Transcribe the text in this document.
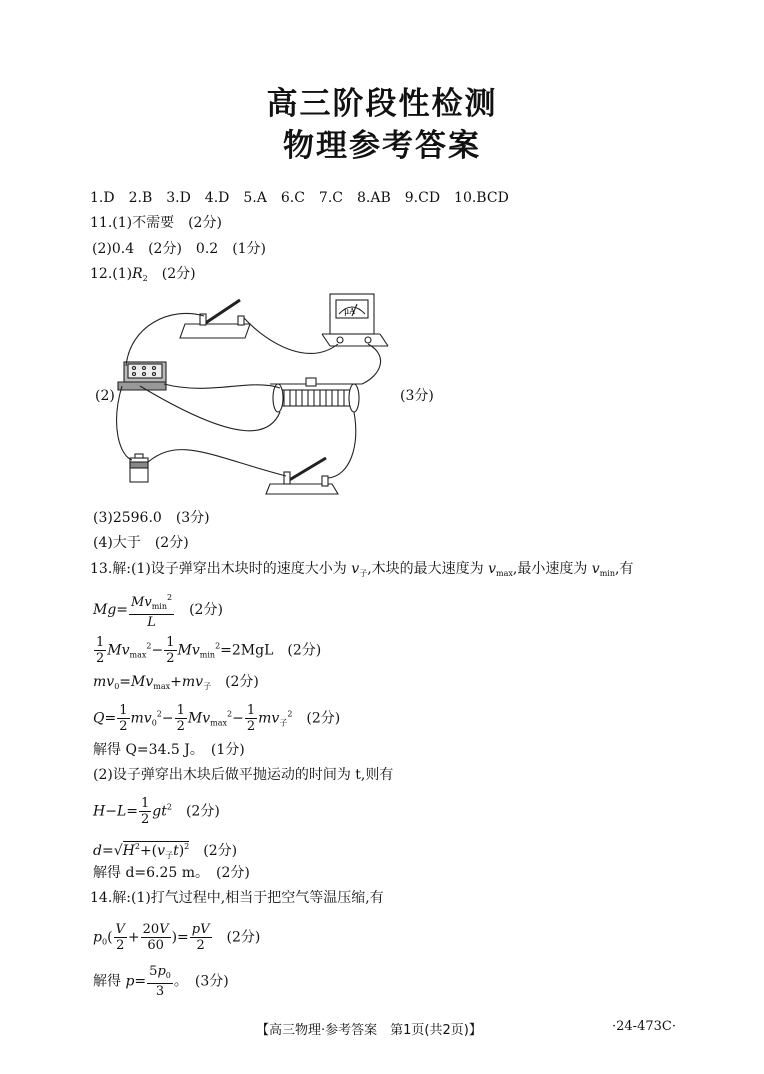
高三阶段性检测
物理参考答案
1.D　2.B　3.D　4.D　5.A　6.C　7.C　8.AB　9.CD　10.BCD
11.(1)不需要　(2分)
(2)0.4　(2分)　0.2　(1分)
$12.(1)R_2$　(2分)
(2)	(3分)
μA
(3)2596.0　(3分)
(4)大于　(2分)
13.解:(1)设子弹穿出木块时的速度大小为 $v_子$,木块的最大速度为 $v_{max}$,最小速度为 $v_{min}$,有
$Mg= \frac{Mv_{min}^2}{L}$
　 (2分)
$\frac{1}{2} Mv_{max}^2- \frac{1}{2} Mv_{min}^2=2MgL$　 (2分)
$mv_0=Mv_{max}+mv_子$　 (2分)
$Q= \frac{1}{2} mv_0^2- \frac{1}{2} Mv_{max}^2- \frac{1}{2} mv_子^2$　 (2分)
解得 Q=34.5 J。　(1分)
(2)设子弹穿出木块后做平抛运动的时间为 t,则有
$H-L= \frac{1}{2} gt^2$　 (2分)
$d=√H^2+(v_子t)^2$　 (2分)
解得 d=6.25 m。　(2分)
14.解:(1)打气过程中,相当于把空气等温压缩,有
$p_0( \frac{V}{2} + \frac{20V}{60}$ )= $\frac{pV}{2}$
　 (2分)
解得 $p= \frac{5p_0}{3}$ 。　(3分)
【高三物理·参考答案　第1页(共2页)】	·24-473C·
